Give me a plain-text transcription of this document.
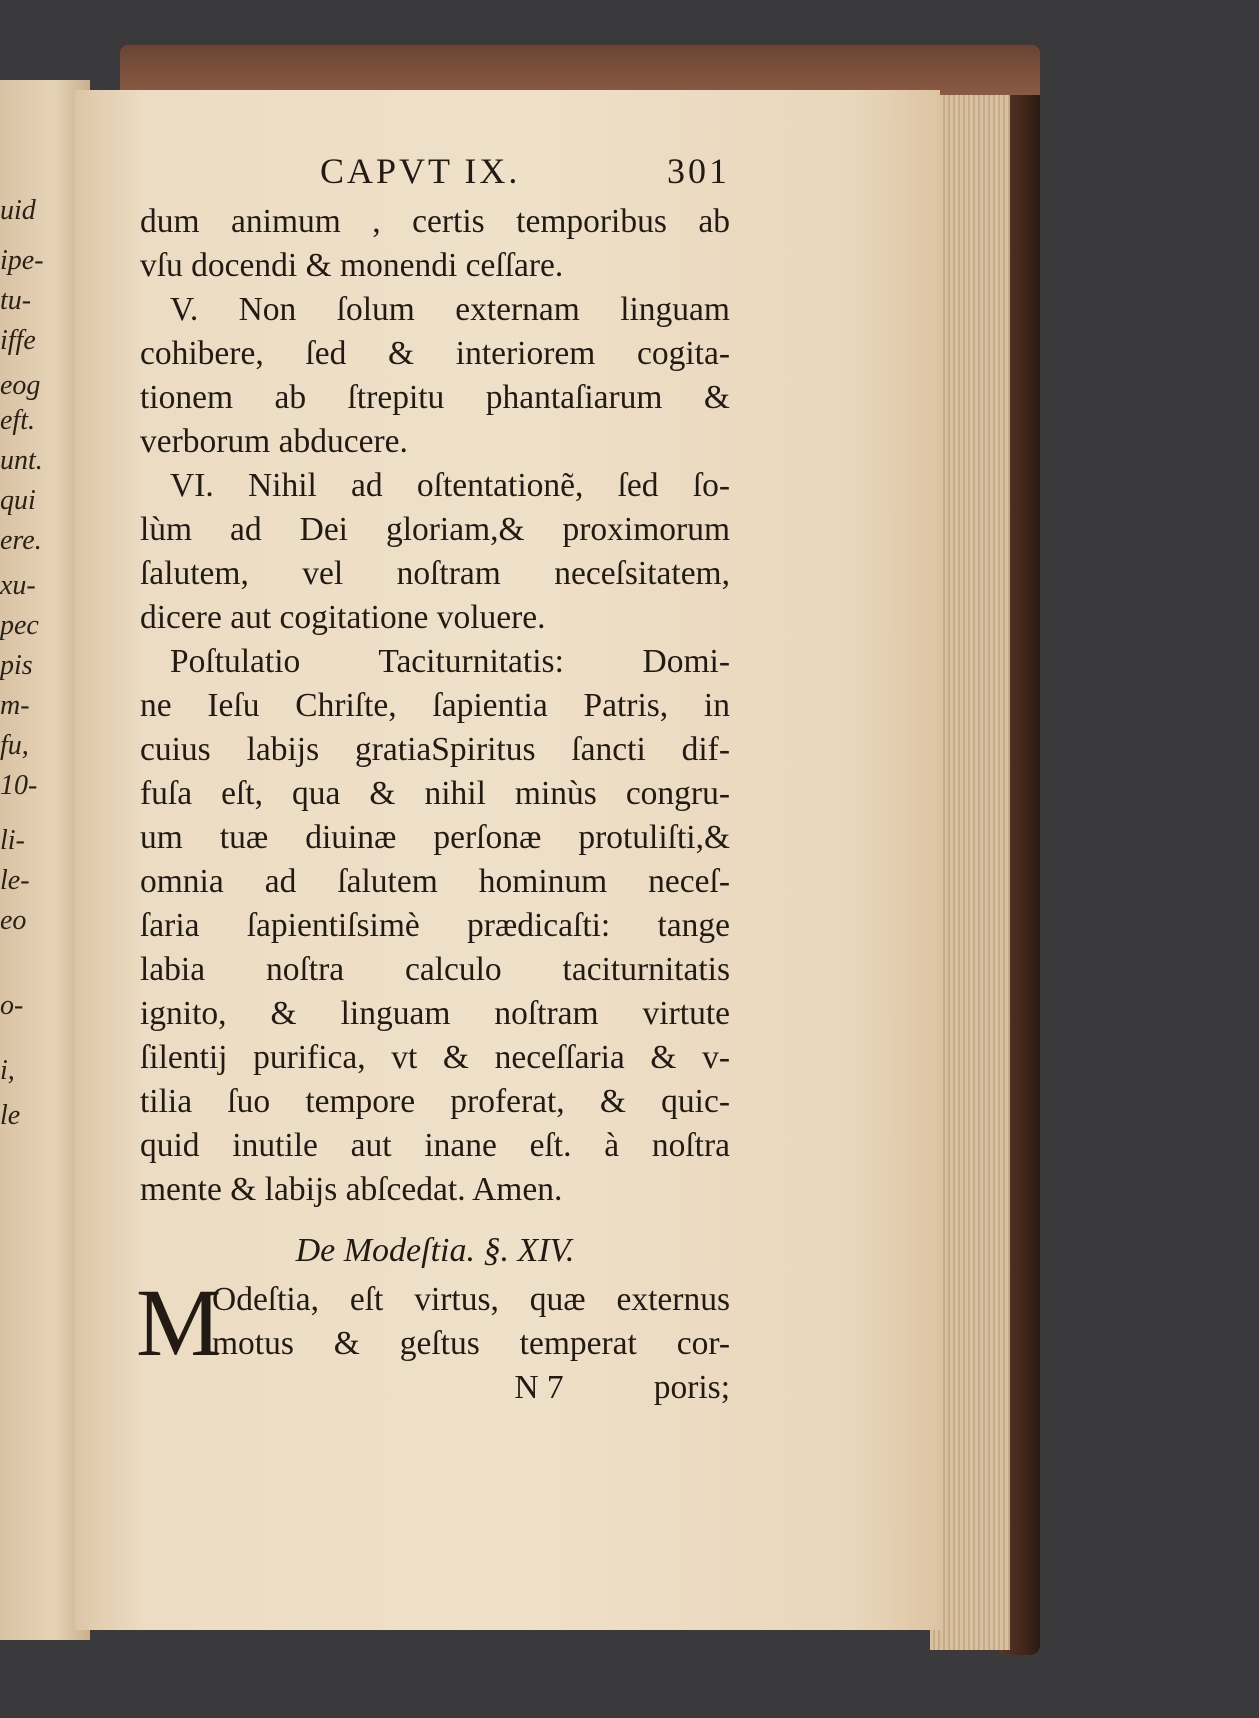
uid
ipe-
tu-
iffe
eog
eft.
unt.
qui
ere.
xu-
pec
pis
m-
fu,
10-
li-
le-
eo
o-
i,
le
CAPVT IX.	301
dum animum , certis temporibus ab
vſu docendi & monendi ceſſare.
V. Non ſolum externam linguam
cohibere, ſed & interiorem cogita-
tionem ab ſtrepitu phantaſiarum &
verborum abducere.
VI. Nihil ad oſtentationẽ, ſed ſo-
lùm ad Dei gloriam,& proximorum
ſalutem, vel noſtram neceſsitatem,
dicere aut cogitatione voluere.
Poſtulatio Taciturnitatis: Domi-
ne Ieſu Chriſte, ſapientia Patris, in
cuius labijs gratiaSpiritus ſancti dif-
fuſa eſt, qua & nihil minùs congru-
um tuæ diuinæ perſonæ protuliſti,&
omnia ad ſalutem hominum neceſ-
ſaria ſapientiſsimè prædicaſti: tange
labia noſtra calculo taciturnitatis
ignito, & linguam noſtram virtute
ſilentij purifica, vt & neceſſaria & v-
tilia ſuo tempore proferat, & quic-
quid inutile aut inane eſt. à noſtra
mente & labijs abſcedat. Amen.
De Modeſtia. §. XIV.
M
Odeſtia, eſt virtus, quæ externus
motus & geſtus temperat cor-
N 7	poris;
